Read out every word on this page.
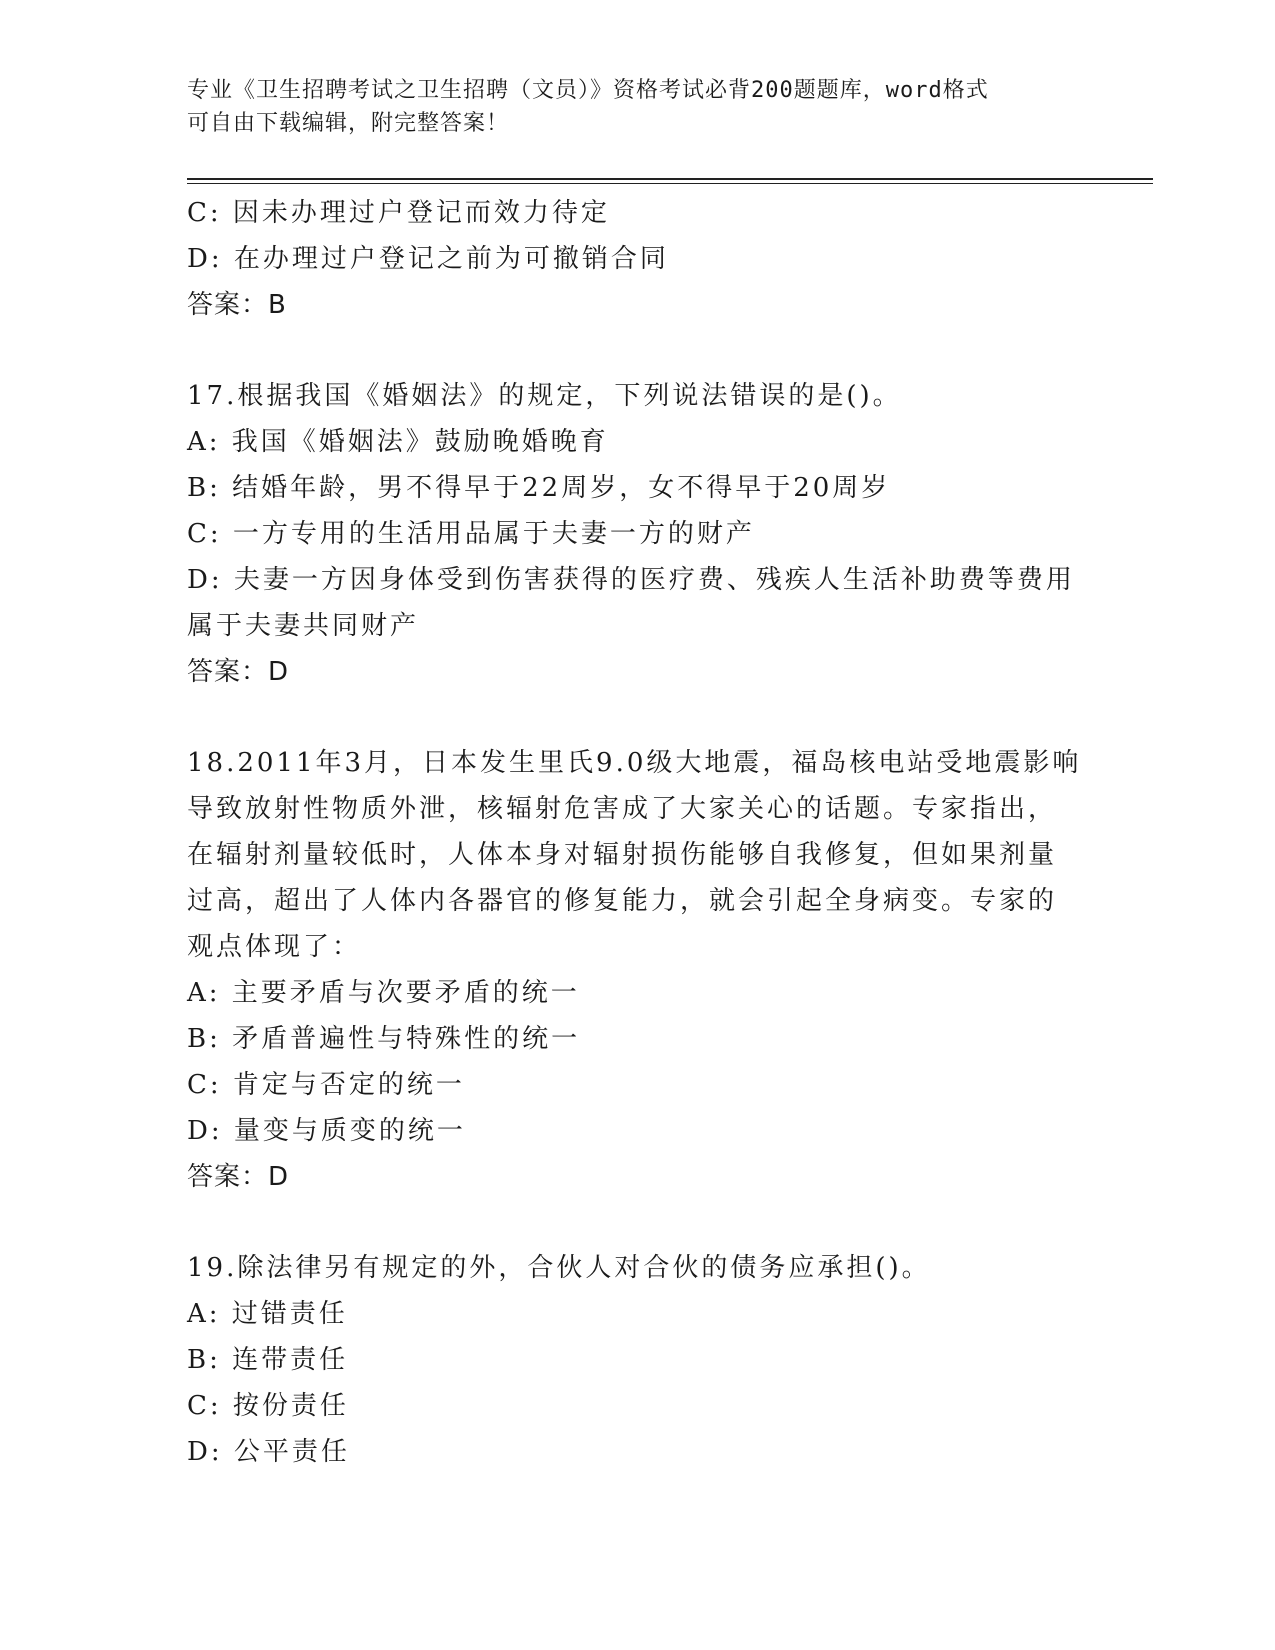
专业《卫生招聘考试之卫生招聘（文员）》资格考试必背200题题库，word格式
可自由下载编辑，附完整答案！
C: 因未办理过户登记而效力待定
D: 在办理过户登记之前为可撤销合同
答案：B
17.根据我国《婚姻法》的规定，下列说法错误的是()。
A: 我国《婚姻法》鼓励晚婚晚育
B: 结婚年龄，男不得早于22周岁，女不得早于20周岁
C: 一方专用的生活用品属于夫妻一方的财产
D: 夫妻一方因身体受到伤害获得的医疗费、残疾人生活补助费等费用
属于夫妻共同财产
答案：D
18.2011年3月，日本发生里氏9.0级大地震，福岛核电站受地震影响
导致放射性物质外泄，核辐射危害成了大家关心的话题。专家指出，
在辐射剂量较低时，人体本身对辐射损伤能够自我修复，但如果剂量
过高，超出了人体内各器官的修复能力，就会引起全身病变。专家的
观点体现了：
A: 主要矛盾与次要矛盾的统一
B: 矛盾普遍性与特殊性的统一
C: 肯定与否定的统一
D: 量变与质变的统一
答案：D
19.除法律另有规定的外，合伙人对合伙的债务应承担()。
A: 过错责任
B: 连带责任
C: 按份责任
D: 公平责任
